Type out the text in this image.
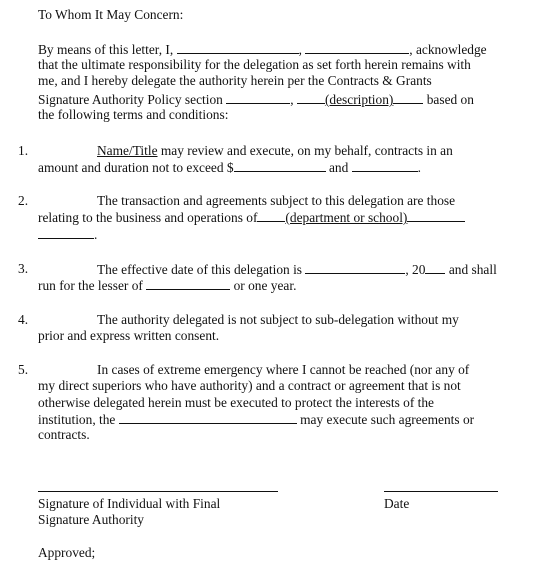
To Whom It May Concern:
By means of this letter, I,	,	, acknowledge
that the ultimate responsibility for the delegation as set forth herein remains with
me, and I hereby delegate the authority herein per the Contracts & Grants
Signature Authority Policy section	, (description) based on
the following terms and conditions:
1.	Name/Title may review and execute, on my behalf, contracts in an
amount and duration not to exceed $	and	.
2.	The transaction and agreements subject to this delegation are those
relating to the business and operations of (department or school)
.
3.	The effective date of this delegation is	, 20 and shall
run for the lesser of	or one year.
4.	The authority delegated is not subject to sub-delegation without my
prior and express written consent.
5.	In cases of extreme emergency where I cannot be reached (nor any of
my direct superiors who have authority) and a contract or agreement that is not
otherwise delegated herein must be executed to protect the interests of the
institution, the	may execute such agreements or
contracts.
Signature of Individual with Final	Date
Signature Authority
Approved;
